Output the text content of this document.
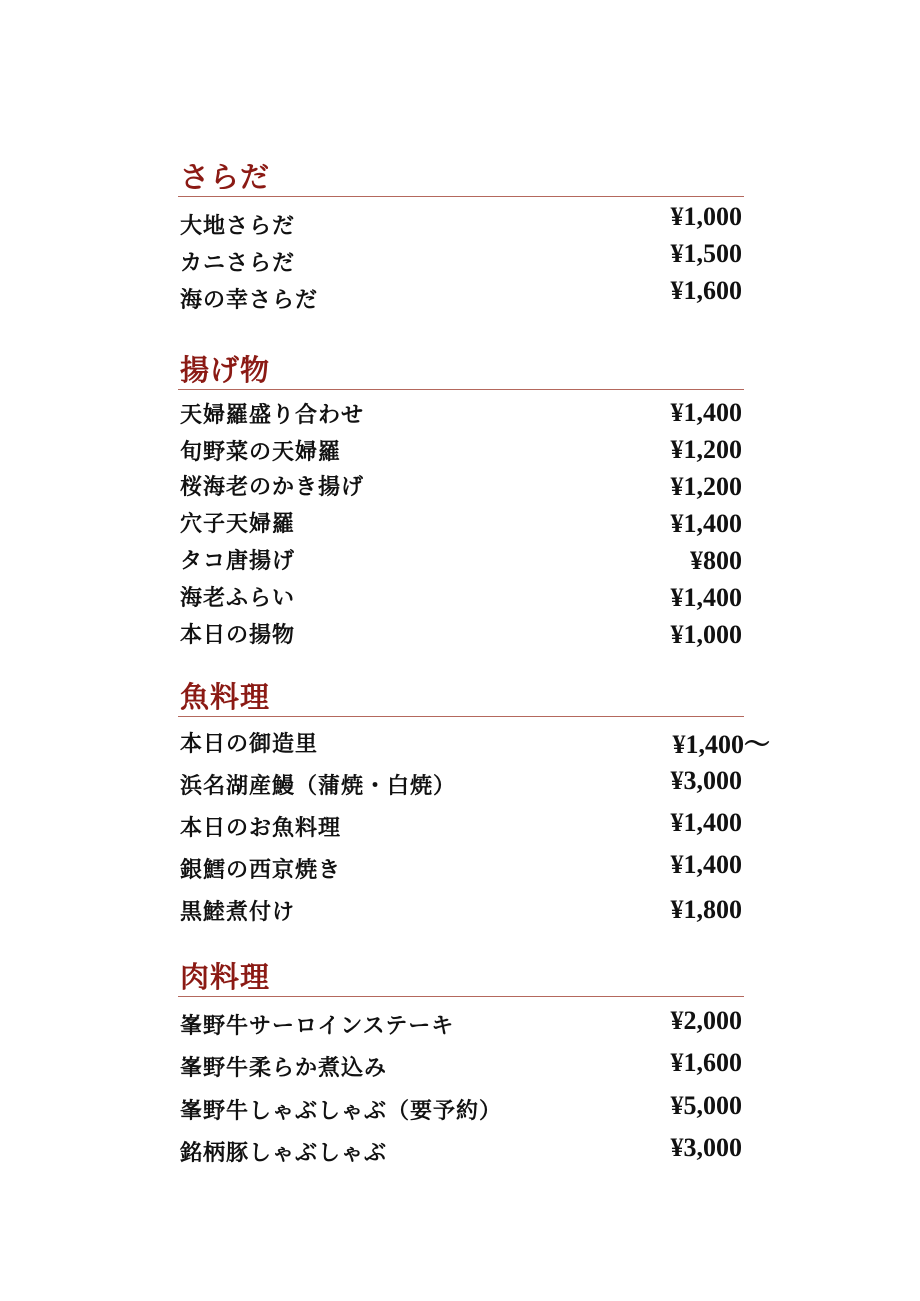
さらだ
大地さらだ	¥1,000
カニさらだ	¥1,500
海の幸さらだ	¥1,600
揚げ物
天婦羅盛り合わせ	¥1,400
旬野菜の天婦羅	¥1,200
桜海老のかき揚げ	¥1,200
穴子天婦羅	¥1,400
タコ唐揚げ	¥800
海老ふらい	¥1,400
本日の揚物	¥1,000
魚料理
本日の御造里	¥1,400〜
浜名湖産鰻（蒲焼・白焼）	¥3,000
本日のお魚料理	¥1,400
銀鱈の西京焼き	¥1,400
黒鯥煮付け	¥1,800
肉料理
峯野牛サーロインステーキ	¥2,000
峯野牛柔らか煮込み	¥1,600
峯野牛しゃぶしゃぶ（要予約）	¥5,000
銘柄豚しゃぶしゃぶ	¥3,000
